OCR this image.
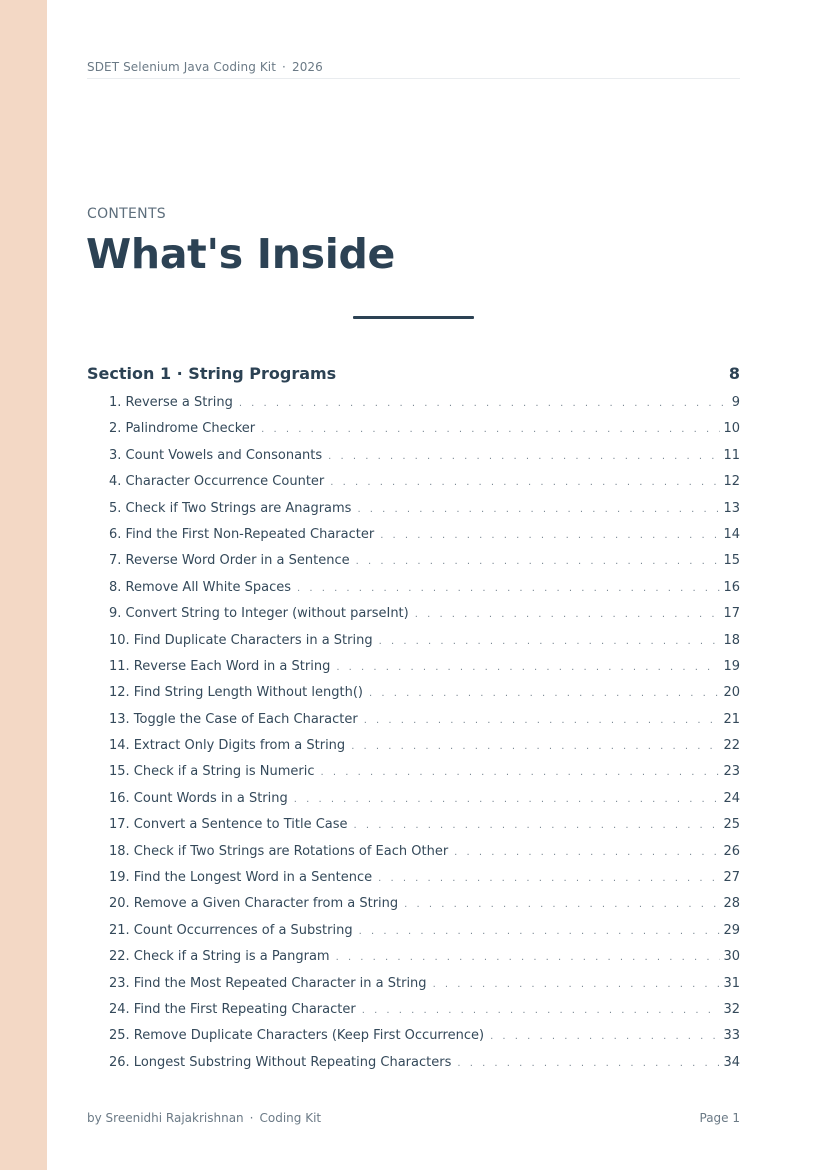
SDET Selenium Java Coding Kit · 2026
CONTENTS
What's Inside
Section 1 · String Programs	8
1. Reverse a String . . .	9
2. Palindrome Checker . . .	10
3. Count Vowels and Consonants . . .	11
4. Character Occurrence Counter . . .	12
5. Check if Two Strings are Anagrams . . .	13
6. Find the First Non-Repeated Character . . .	14
7. Reverse Word Order in a Sentence . . .	15
8. Remove All White Spaces . . .	16
9. Convert String to Integer (without parseInt) . . .	17
10. Find Duplicate Characters in a String . . .	18
11. Reverse Each Word in a String . . .	19
12. Find String Length Without length() . . .	20
13. Toggle the Case of Each Character . . .	21
14. Extract Only Digits from a String . . .	22
15. Check if a String is Numeric . . .	23
16. Count Words in a String . . .	24
17. Convert a Sentence to Title Case . . .	25
18. Check if Two Strings are Rotations of Each Other . . .	26
19. Find the Longest Word in a Sentence . . .	27
20. Remove a Given Character from a String . . .	28
21. Count Occurrences of a Substring . . .	29
22. Check if a String is a Pangram . . .	30
23. Find the Most Repeated Character in a String . . .	31
24. Find the First Repeating Character . . .	32
25. Remove Duplicate Characters (Keep First Occurrence) . . .	33
26. Longest Substring Without Repeating Characters . . .	34
by Sreenidhi Rajakrishnan · Coding Kit	Page 1
